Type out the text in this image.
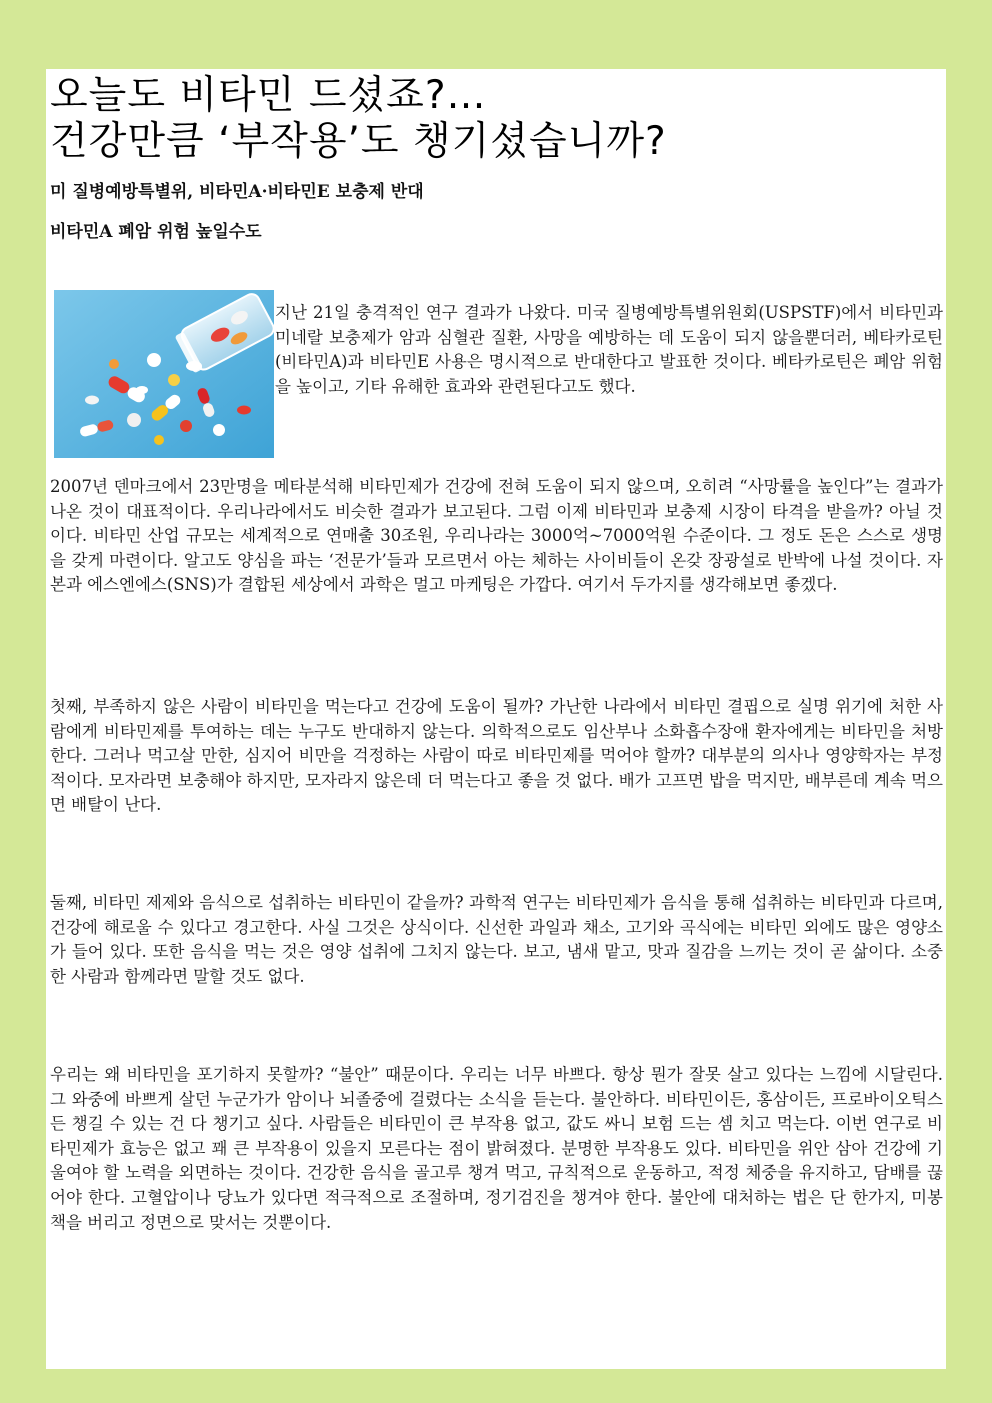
오늘도 비타민 드셨죠?…
건강만큼 ‘부작용’도 챙기셨습니까?

미 질병예방특별위, 비타민A·비타민E 보충제 반대

비타민A 폐암 위험 높일수도

지난 21일 충격적인 연구 결과가 나왔다. 미국 질병예방특별위원회(USPSTF)에서 비타민과 미네랄 보충제가 암과 심혈관 질환, 사망을 예방하는 데 도움이 되지 않을뿐더러, 베타카로틴(비타민A)과 비타민E 사용은 명시적으로 반대한다고 발표한 것이다. 베타카로틴은 폐암 위험을 높이고, 기타 유해한 효과와 관련된다고도 했다.

2007년 덴마크에서 23만명을 메타분석해 비타민제가 건강에 전혀 도움이 되지 않으며, 오히려 “사망률을 높인다”는 결과가 나온 것이 대표적이다. 우리나라에서도 비슷한 결과가 보고된다. 그럼 이제 비타민과 보충제 시장이 타격을 받을까? 아닐 것이다. 비타민 산업 규모는 세계적으로 연매출 30조원, 우리나라는 3000억~7000억원 수준이다. 그 정도 돈은 스스로 생명을 갖게 마련이다. 알고도 양심을 파는 ‘전문가’들과 모르면서 아는 체하는 사이비들이 온갖 장광설로 반박에 나설 것이다. 자본과 에스엔에스(SNS)가 결합된 세상에서 과학은 멀고 마케팅은 가깝다. 여기서 두가지를 생각해보면 좋겠다.

첫째, 부족하지 않은 사람이 비타민을 먹는다고 건강에 도움이 될까? 가난한 나라에서 비타민 결핍으로 실명 위기에 처한 사람에게 비타민제를 투여하는 데는 누구도 반대하지 않는다. 의학적으로도 임산부나 소화흡수장애 환자에게는 비타민을 처방한다. 그러나 먹고살 만한, 심지어 비만을 걱정하는 사람이 따로 비타민제를 먹어야 할까? 대부분의 의사나 영양학자는 부정적이다. 모자라면 보충해야 하지만, 모자라지 않은데 더 먹는다고 좋을 것 없다. 배가 고프면 밥을 먹지만, 배부른데 계속 먹으면 배탈이 난다.

둘째, 비타민 제제와 음식으로 섭취하는 비타민이 같을까? 과학적 연구는 비타민제가 음식을 통해 섭취하는 비타민과 다르며, 건강에 해로울 수 있다고 경고한다. 사실 그것은 상식이다. 신선한 과일과 채소, 고기와 곡식에는 비타민 외에도 많은 영양소가 들어 있다. 또한 음식을 먹는 것은 영양 섭취에 그치지 않는다. 보고, 냄새 맡고, 맛과 질감을 느끼는 것이 곧 삶이다. 소중한 사람과 함께라면 말할 것도 없다.

우리는 왜 비타민을 포기하지 못할까? “불안” 때문이다. 우리는 너무 바쁘다. 항상 뭔가 잘못 살고 있다는 느낌에 시달린다. 그 와중에 바쁘게 살던 누군가가 암이나 뇌졸중에 걸렸다는 소식을 듣는다. 불안하다. 비타민이든, 홍삼이든, 프로바이오틱스든 챙길 수 있는 건 다 챙기고 싶다. 사람들은 비타민이 큰 부작용 없고, 값도 싸니 보험 드는 셈 치고 먹는다. 이번 연구로 비타민제가 효능은 없고 꽤 큰 부작용이 있을지 모른다는 점이 밝혀졌다. 분명한 부작용도 있다. 비타민을 위안 삼아 건강에 기울여야 할 노력을 외면하는 것이다. 건강한 음식을 골고루 챙겨 먹고, 규칙적으로 운동하고, 적정 체중을 유지하고, 담배를 끊어야 한다. 고혈압이나 당뇨가 있다면 적극적으로 조절하며, 정기검진을 챙겨야 한다. 불안에 대처하는 법은 단 한가지, 미봉책을 버리고 정면으로 맞서는 것뿐이다.
